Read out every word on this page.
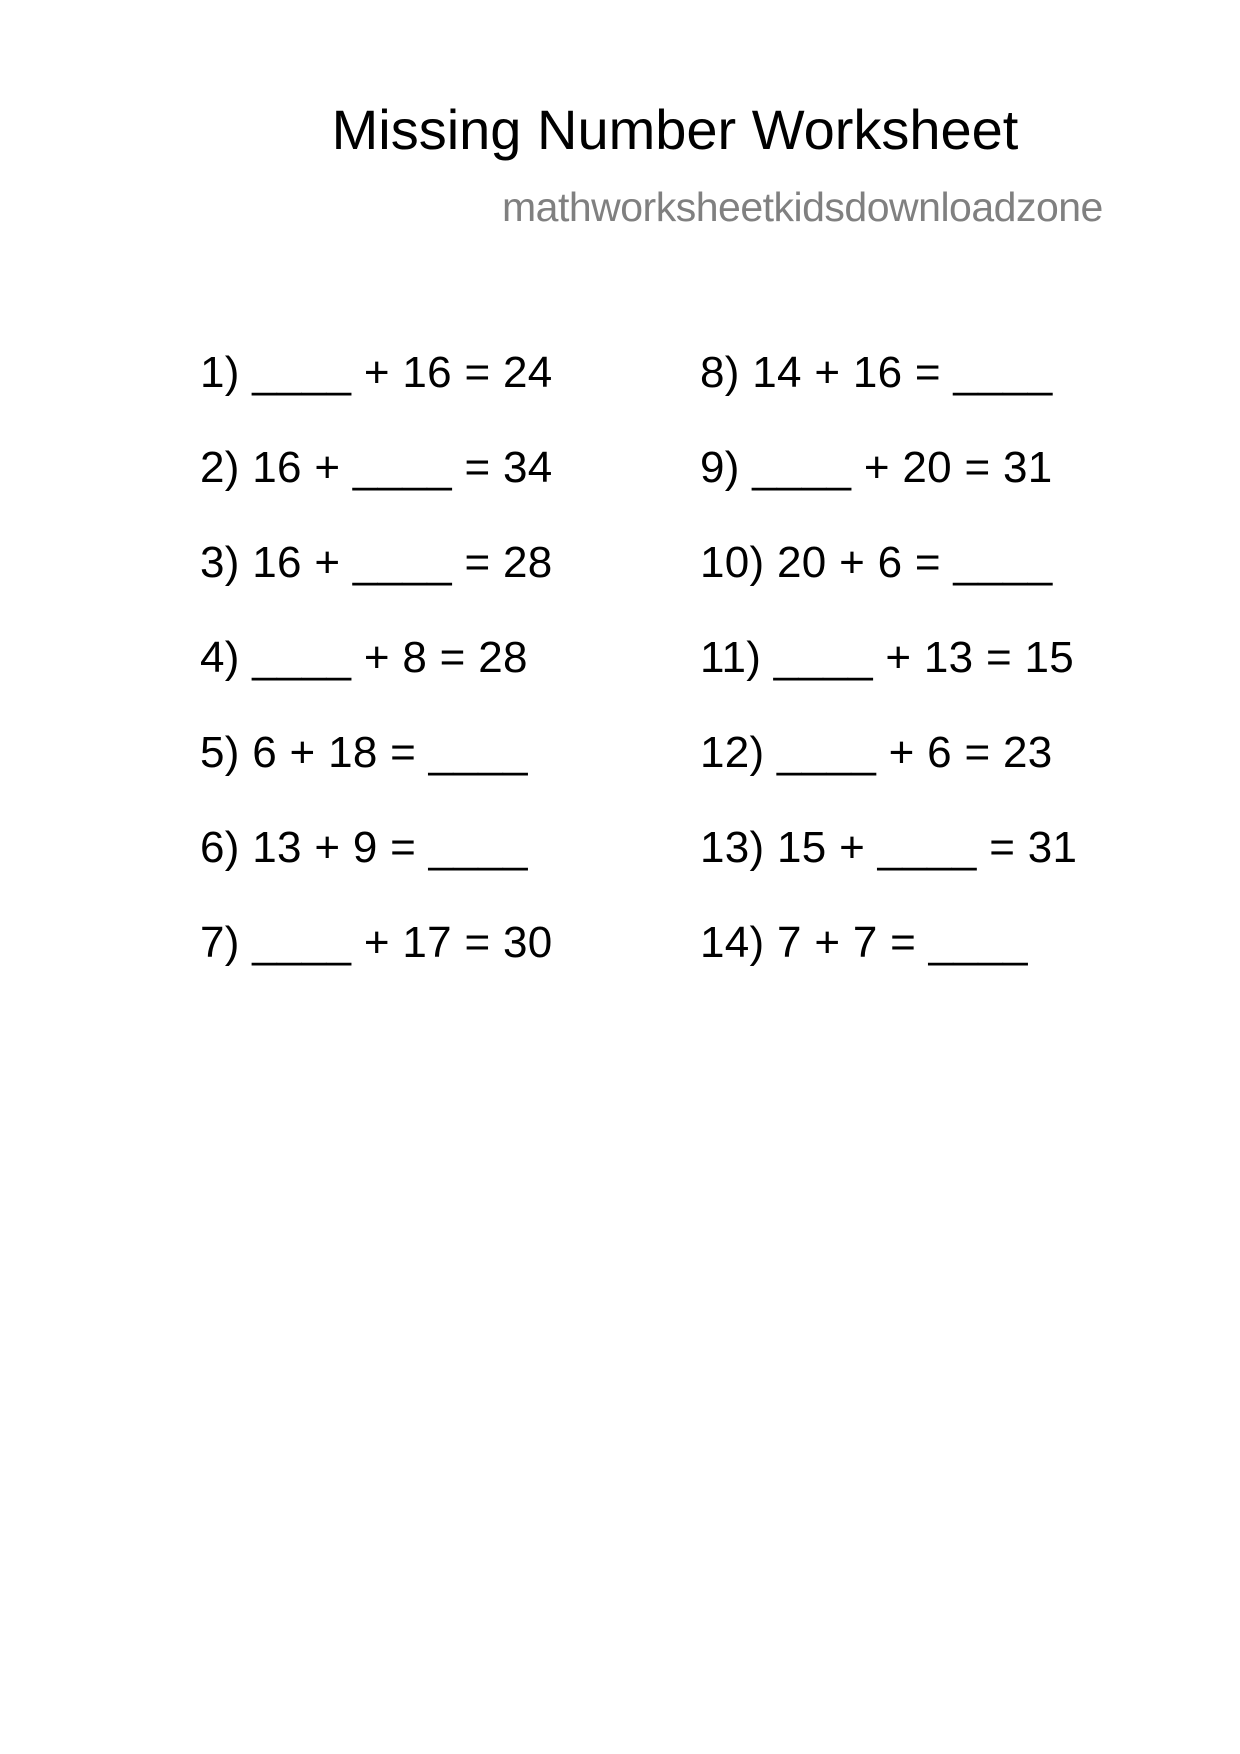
Missing Number Worksheet
mathworksheetkidsdownloadzone
1) ____ + 16 = 24
2) 16 + ____ = 34
3) 16 + ____ = 28
4) ____ + 8 = 28
5) 6 + 18 = ____
6) 13 + 9 = ____
7) ____ + 17 = 30
8) 14 + 16 = ____
9) ____ + 20 = 31
10) 20 + 6 = ____
11) ____ + 13 = 15
12) ____ + 6 = 23
13) 15 + ____ = 31
14) 7 + 7 = ____
